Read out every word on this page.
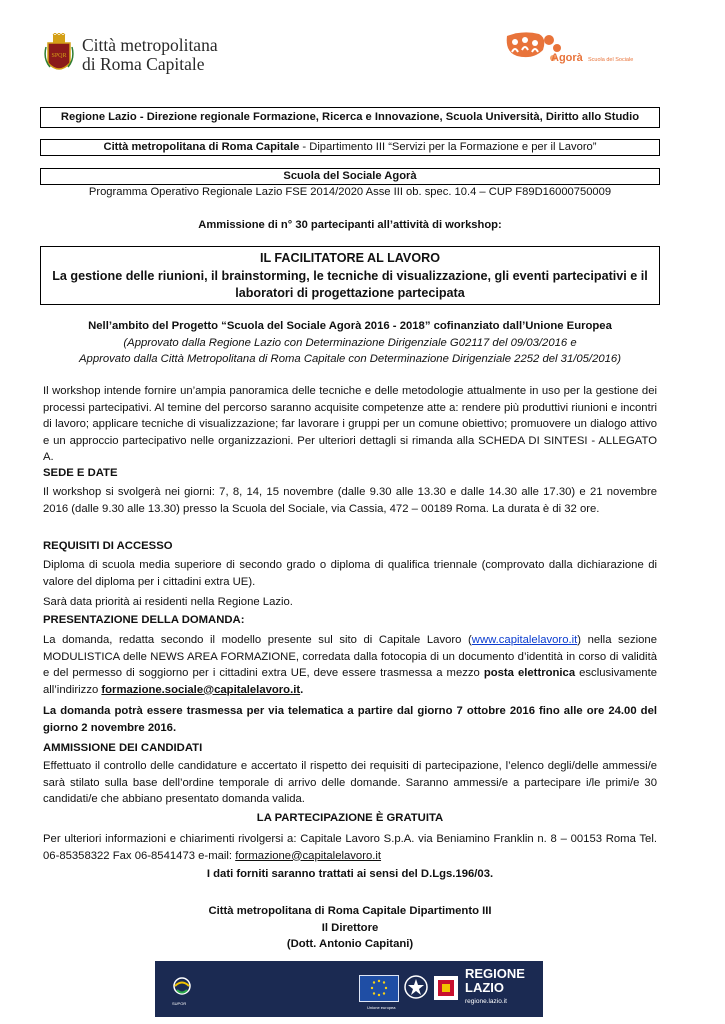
SPQR
Città metropolitana
di Roma Capitale	Agorà Scuola del Sociale
Regione Lazio - Direzione regionale Formazione, Ricerca e Innovazione, Scuola Università, Diritto allo Studio
Città metropolitana di Roma Capitale - Dipartimento III “Servizi per la Formazione e per il Lavoro”
Scuola del Sociale Agorà
Programma Operativo Regionale Lazio FSE 2014/2020 Asse III ob. spec. 10.4 – CUP F89D16000750009
Ammissione di n° 30 partecipanti all’attività di workshop:
IL FACILITATORE AL LAVORO
La gestione delle riunioni, il brainstorming, le tecniche di visualizzazione, gli eventi partecipativi e il
laboratori di progettazione partecipata
Nell’ambito del Progetto “Scuola del Sociale Agorà 2016 - 2018” cofinanziato dall’Unione Europea
(Approvato dalla Regione Lazio con Determinazione Dirigenziale G02117 del 09/03/2016 e
Approvato dalla Città Metropolitana di Roma Capitale con Determinazione Dirigenziale 2252 del 31/05/2016)
Il workshop intende fornire un’ampia panoramica delle tecniche e delle metodologie attualmente in uso per la gestione dei processi partecipativi. Al temine del percorso saranno acquisite competenze atte a: rendere più produttivi riunioni e incontri di lavoro; applicare tecniche di visualizzazione; far lavorare i gruppi per un comune obiettivo; promuovere un dialogo attivo e un approccio partecipativo nelle organizzazioni. Per ulteriori dettagli si rimanda alla SCHEDA DI SINTESI - ALLEGATO A.
SEDE E DATE
Il workshop si svolgerà nei giorni: 7, 8, 14, 15 novembre (dalle 9.30 alle 13.30 e dalle 14.30 alle 17.30) e 21 novembre 2016 (dalle 9.30 alle 13.30) presso la Scuola del Sociale, via Cassia, 472 – 00189 Roma. La durata è di 32 ore.
REQUISITI DI ACCESSO
Diploma di scuola media superiore di secondo grado o diploma di qualifica triennale (comprovato dalla dichiarazione di valore del diploma per i cittadini extra UE).
Sarà data priorità ai residenti nella Regione Lazio.
PRESENTAZIONE DELLA DOMANDA:
La domanda, redatta secondo il modello presente sul sito di Capitale Lavoro (www.capitalelavoro.it) nella sezione MODULISTICA delle NEWS AREA FORMAZIONE, corredata dalla fotocopia di un documento d’identità in corso di validità e del permesso di soggiorno per i cittadini extra UE, deve essere trasmessa a mezzo posta elettronica esclusivamente all’indirizzo formazione.sociale@capitalelavoro.it.
La domanda potrà essere trasmessa per via telematica a partire dal giorno 7 ottobre 2016 fino alle ore 24.00 del giorno 2 novembre 2016.
AMMISSIONE DEI CANDIDATI
Effettuato il controllo delle candidature e accertato il rispetto dei requisiti di partecipazione, l’elenco degli/delle ammessi/e sarà stilato sulla base dell’ordine temporale di arrivo delle domande. Saranno ammessi/e a partecipare i/le primi/e 30 candidati/e che abbiano presentato domanda valida.
LA PARTECIPAZIONE È GRATUITA
Per ulteriori informazioni e chiarimenti rivolgersi a: Capitale Lavoro S.p.A. via Beniamino Franklin n. 8 – 00153 Roma Tel. 06-85358322 Fax 06-8541473 e-mail: formazione@capitalelavoro.it
I dati forniti saranno trattati ai sensi del D.Lgs.196/03.
Città metropolitana di Roma Capitale Dipartimento III
Il Direttore
(Dott. Antonio Capitani)
SUPOR
Unione europea
REGIONE
LAZIO
regione.lazio.it
